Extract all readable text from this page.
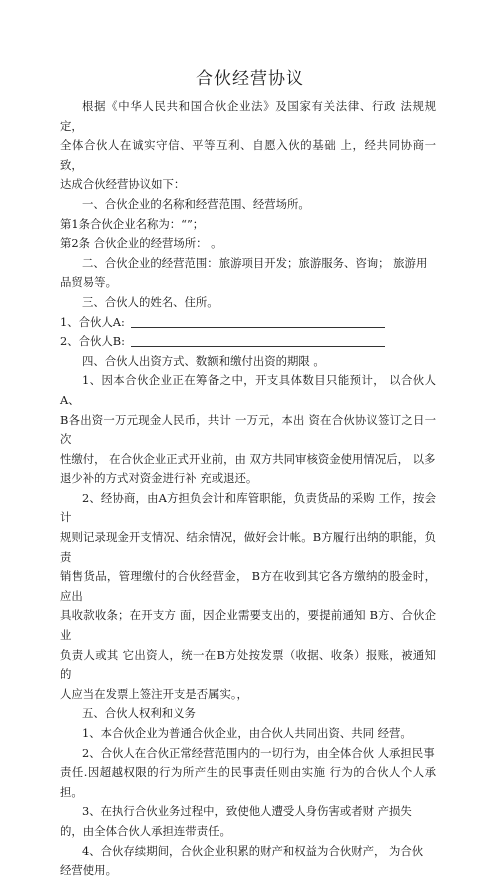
合伙经营协议

根据《中华人民共和国合伙企业法》及国家有关法律、行政 法规规定，

全体合伙人在诚实守信、平等互利、自愿入伙的基础 上，经共同协商一致，

达成合伙经营协议如下：

一、合伙企业的名称和经营范围、经营场所。

第1条合伙企业名称为：“”；

第2条 合伙企业的经营场所： 。

二、合伙企业的经营范围：旅游项目开发；旅游服务、咨询； 旅游用

品贸易等。

三、合伙人的姓名、住所。

1、合伙人A:

2、合伙人B:

四、合伙人出资方式、数额和缴付出资的期限 。

1、因本合伙企业正在筹备之中，开支具体数目只能预计， 以合伙人A、

B各出资一万元现金人民币，共计 一万元，本出 资在合伙协议签订之日一次

性缴付， 在合伙企业正式开业前，由 双方共同审核资金使用情况后， 以多

退少补的方式对资金进行补 充或退还。

2、经协商，由A方担负会计和库管职能，负责货品的采购 工作，按会计

规则记录现金开支情况、结余情况，做好会计帐。B方履行出纳的职能，负责

销售货品，管理缴付的合伙经营金， B方在收到其它各方缴纳的股金时，应出

具收款收条；在开支方 面，因企业需要支出的，要提前通知 B方、合伙企业

负责人或其 它出资人，统一在B方处按发票（收据、收条）报账，被通知的

人应当在发票上签注开支是否属实。，

五、合伙人权利和义务

1、本合伙企业为普通合伙企业，由合伙人共同出资、共同 经营。

2、合伙人在合伙正常经营范围内的一切行为，由全体合伙 人承担民事

责任.因超越权限的行为所产生的民事责任则由实施 行为的合伙人个人承担。

3、在执行合伙业务过程中，致使他人遭受人身伤害或者财 产损失

的，由全体合伙人承担连带责任。

4、合伙存续期间，合伙企业积累的财产和权益为合伙财产， 为合伙

经营使用。
